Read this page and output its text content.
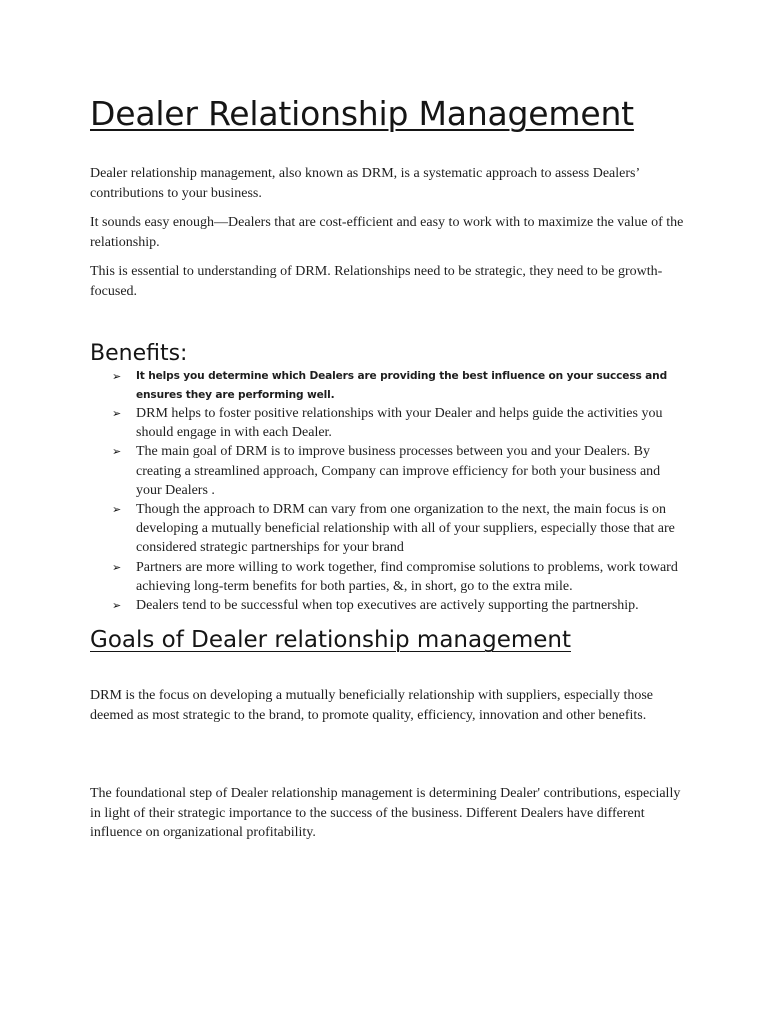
Dealer Relationship Management

Dealer relationship management, also known as DRM, is a systematic approach to assess Dealers’ contributions to your business.

It sounds easy enough—Dealers that are cost-efficient and easy to work with to maximize the value of the relationship.

This is essential to understanding of DRM. Relationships need to be strategic, they need to be growth-focused.

Benefits:
➢ It helps you determine which Dealers are providing the best influence on your success and ensures they are performing well.
➢ DRM helps to foster positive relationships with your Dealer and helps guide the activities you should engage in with each Dealer.
➢ The main goal of DRM is to improve business processes between you and your Dealers. By creating a streamlined approach, Company can improve efficiency for both your business and your Dealers .
➢ Though the approach to DRM can vary from one organization to the next, the main focus is on developing a mutually beneficial relationship with all of your suppliers, especially those that are considered strategic partnerships for your brand
➢ Partners are more willing to work together, find compromise solutions to problems, work toward achieving long-term benefits for both parties, &, in short, go to the extra mile.
➢ Dealers tend to be successful when top executives are actively supporting the partnership.
Goals of Dealer relationship management

DRM is the focus on developing a mutually beneficially relationship with suppliers, especially those deemed as most strategic to the brand, to promote quality, efficiency, innovation and other benefits.

The foundational step of Dealer relationship management is determining Dealer' contributions, especially in light of their strategic importance to the success of the business. Different Dealers have different influence on organizational profitability.
